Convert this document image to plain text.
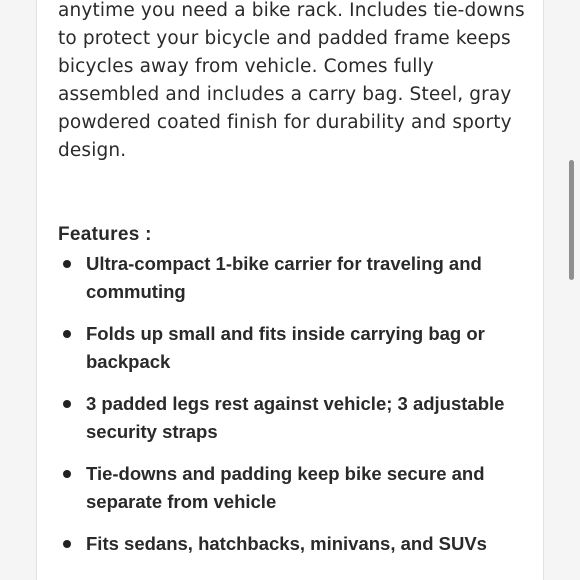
anytime you need a bike rack. Includes tie-downs to protect your bicycle and padded frame keeps bicycles away from vehicle. Comes fully assembled and includes a carry bag. Steel, gray powdered coated finish for durability and sporty design.

Features :
Ultra-compact 1-bike carrier for traveling and commuting
Folds up small and fits inside carrying bag or backpack
3 padded legs rest against vehicle; 3 adjustable security straps
Tie-downs and padding keep bike secure and separate from vehicle
Fits sedans, hatchbacks, minivans, and SUVs
